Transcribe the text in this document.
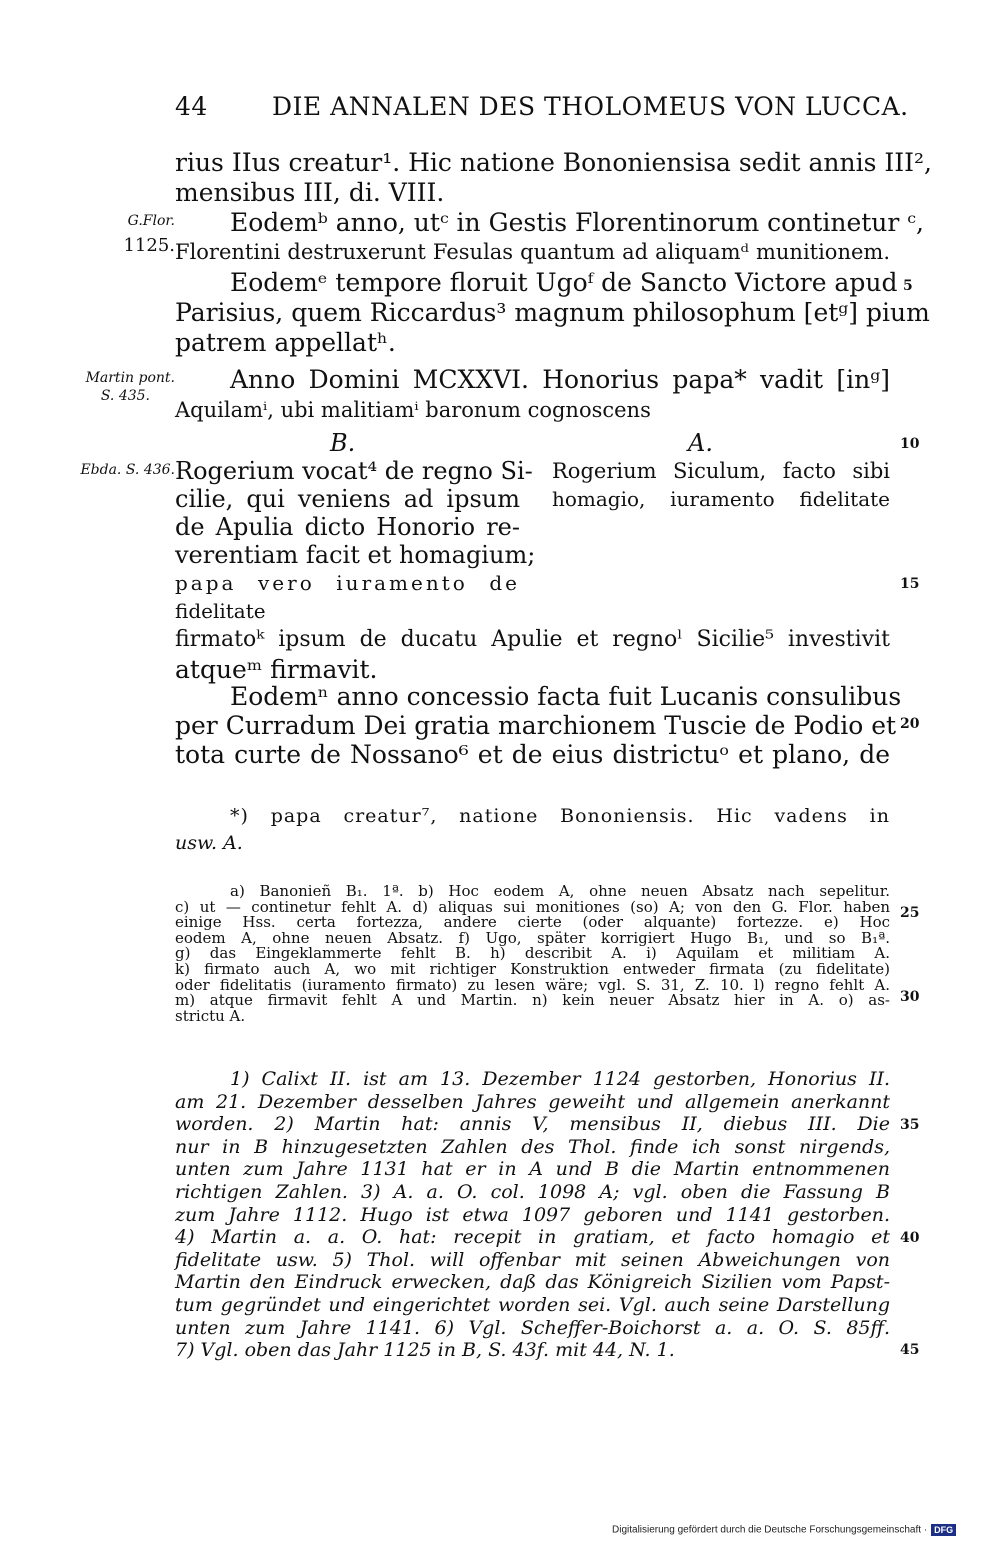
44	DIE ANNALEN DES THOLOMEUS VON LUCCA.
rius IIus creatur¹. Hic natione Bononiensisa sedit annis III²,
mensibus III, di. VIII.
Eodemᵇ anno, utᶜ in Gestis Florentinorum continetur ᶜ,
Florentini destruxerunt Fesulas quantum ad aliquamᵈ munitionem.
Eodemᵉ tempore floruit Ugoᶠ de Sancto Victore apud
Parisius, quem Riccardus³ magnum philosophum [etᵍ] pium
patrem appellatʰ.
Anno Domini MCXXVI. Honorius papa* vadit [inᵍ]
Aquilamⁱ, ubi malitiamⁱ baronum cognoscens
G.Flor.
1125.
Martin pont.
S. 435.
Ebda. S. 436.
5
10
15
20
25
30
35
40
45
B.	A.
Rogerium vocat⁴ de regno Si-
cilie, qui veniens ad ipsum
de Apulia dicto Honorio re-
verentiam facit et homagium;
papa vero iuramento de
fidelitate
Rogerium Siculum, facto sibi
homagio, iuramento fidelitate
firmatoᵏ ipsum de ducatu Apulie et regnoˡ Sicilie⁵ investivit
atqueᵐ firmavit.
Eodemⁿ anno concessio facta fuit Lucanis consulibus
per Curradum Dei gratia marchionem Tuscie de Podio et
tota curte de Nossano⁶ et de eius districtuᵒ et plano, de
*) papa creatur⁷, natione Bononiensis. Hic vadens in
usw. A.
a) Banonieñ B₁. 1ª. b) Hoc eodem A, ohne neuen Absatz nach sepelitur.
c) ut — continetur fehlt A. d) aliquas sui monitiones (so) A; von den G. Flor. haben
einige Hss. certa fortezza, andere cierte (oder alquante) fortezze. e) Hoc
eodem A, ohne neuen Absatz. f) Ugo, später korrigiert Hugo B₁, und so B₁ª.
g) das Eingeklammerte fehlt B. h) describit A. i) Aquilam et militiam A.
k) firmato auch A, wo mit richtiger Konstruktion entweder firmata (zu fidelitate)
oder fidelitatis (iuramento firmato) zu lesen wäre; vgl. S. 31, Z. 10. l) regno fehlt A.
m) atque firmavit fehlt A und Martin. n) kein neuer Absatz hier in A. o) as-
strictu A.
1) Calixt II. ist am 13. Dezember 1124 gestorben, Honorius II.
am 21. Dezember desselben Jahres geweiht und allgemein anerkannt
worden. 2) Martin hat: annis V, mensibus II, diebus III. Die
nur in B hinzugesetzten Zahlen des Thol. finde ich sonst nirgends,
unten zum Jahre 1131 hat er in A und B die Martin entnommenen
richtigen Zahlen. 3) A. a. O. col. 1098 A; vgl. oben die Fassung B
zum Jahre 1112. Hugo ist etwa 1097 geboren und 1141 gestorben.
4) Martin a. a. O. hat: recepit in gratiam, et facto homagio et
fidelitate usw. 5) Thol. will offenbar mit seinen Abweichungen von
Martin den Eindruck erwecken, daß das Königreich Sizilien vom Papst-
tum gegründet und eingerichtet worden sei. Vgl. auch seine Darstellung
unten zum Jahre 1141. 6) Vgl. Scheffer-Boichorst a. a. O. S. 85ff.
7) Vgl. oben das Jahr 1125 in B, S. 43f. mit 44, N. 1.
Digitalisierung gefördert durch die Deutsche Forschungsgemeinschaft · DFG
